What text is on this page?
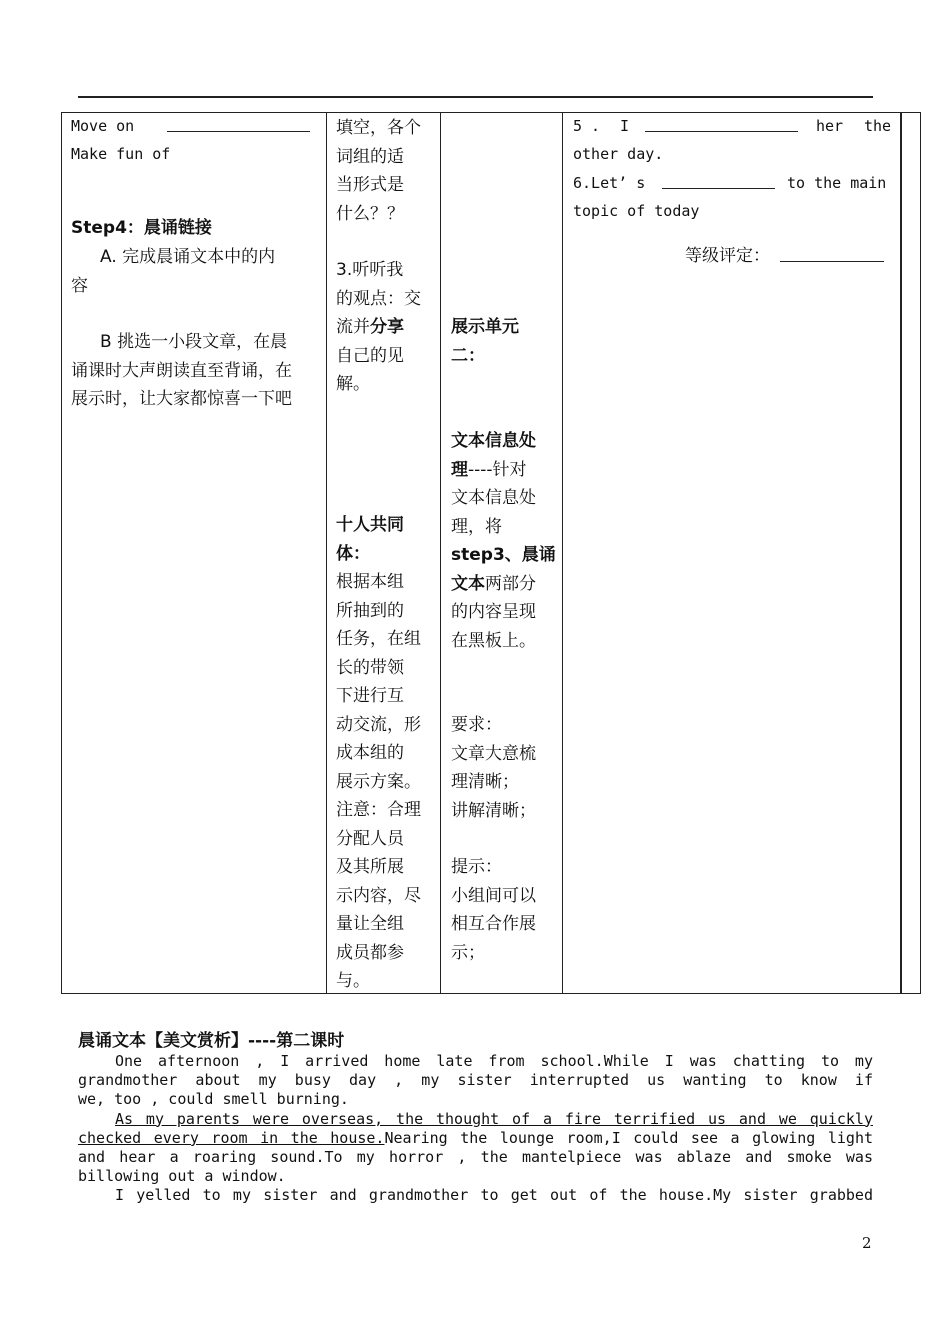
Move on
Make fun of
Step4：晨诵链接
A. 完成晨诵文本中的内
容
B 挑选一小段文章，在晨
诵课时大声朗读直至背诵，在
展示时，让大家都惊喜一下吧
填空，各个
词组的适
当形式是
什么？？
3.听听我
的观点：交
流并分享
自己的见
解。
十人共同
体：
根据本组
所抽到的
任务，在组
长的带领
下进行互
动交流，形
成本组的
展示方案。
注意：合理
分配人员
及其所展
示内容，尽
量让全组
成员都参
与。
展示单元
二：
文本信息处
理----针对
文本信息处
理，将
step3、晨诵
文本两部分
的内容呈现
在黑板上。
要求：
文章大意梳
理清晰；
讲解清晰；
提示：
小组间可以
相互合作展
示；
5 . I	her the
other day.
6.Let’ s	to the main
topic of today
等级评定：
晨诵文本【美文赏析】----第二课时
One afternoon , I arrived home late from school.While I was chatting to my
grandmother about my busy day , my sister interrupted us wanting to know if
we, too , could smell burning.
As my parents were overseas, the thought of a fire terrified us and we quickly
checked every room in the house.Nearing the lounge room,I could see a glowing light
and hear a roaring sound.To my horror , the mantelpiece was ablaze and smoke was
billowing out a window.
I yelled to my sister and grandmother to get out of the house.My sister grabbed
2
